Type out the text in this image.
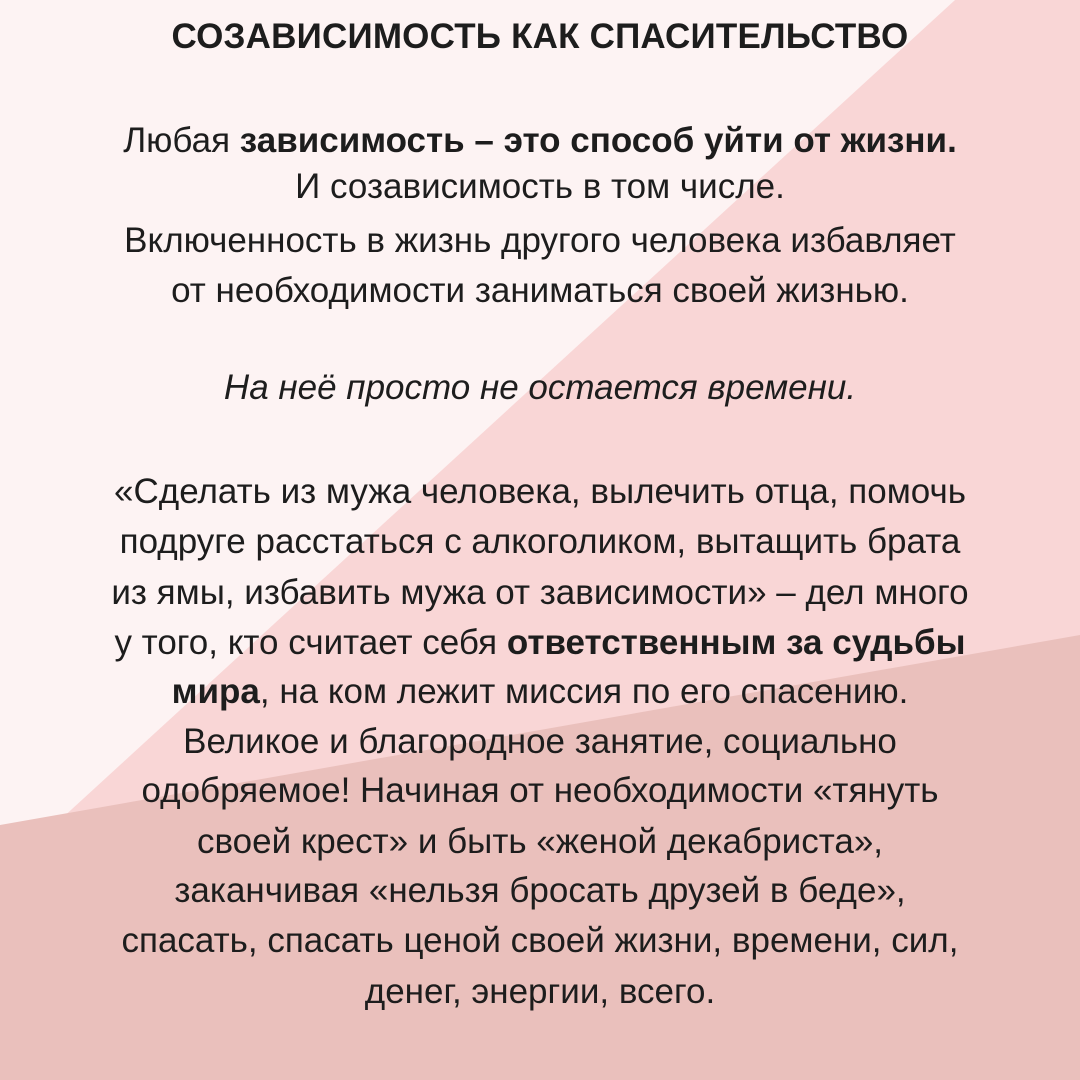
СОЗАВИСИМОСТЬ КАК СПАСИТЕЛЬСТВО
Любая зависимость – это способ уйти от жизни.
И созависимость в том числе.
Включенность в жизнь другого человека избавляет
от необходимости заниматься своей жизнью.
На неё просто не остается времени.
«Сделать из мужа человека, вылечить отца, помочь
подруге расстаться с алкоголиком, вытащить брата
из ямы, избавить мужа от зависимости» – дел много
у того, кто считает себя ответственным за судьбы
мира, на ком лежит миссия по его спасению.
Великое и благородное занятие, социально
одобряемое! Начиная от необходимости «тянуть
своей крест» и быть «женой декабриста»,
заканчивая «нельзя бросать друзей в беде»,
спасать, спасать ценой своей жизни, времени, сил,
денег, энергии, всего.
